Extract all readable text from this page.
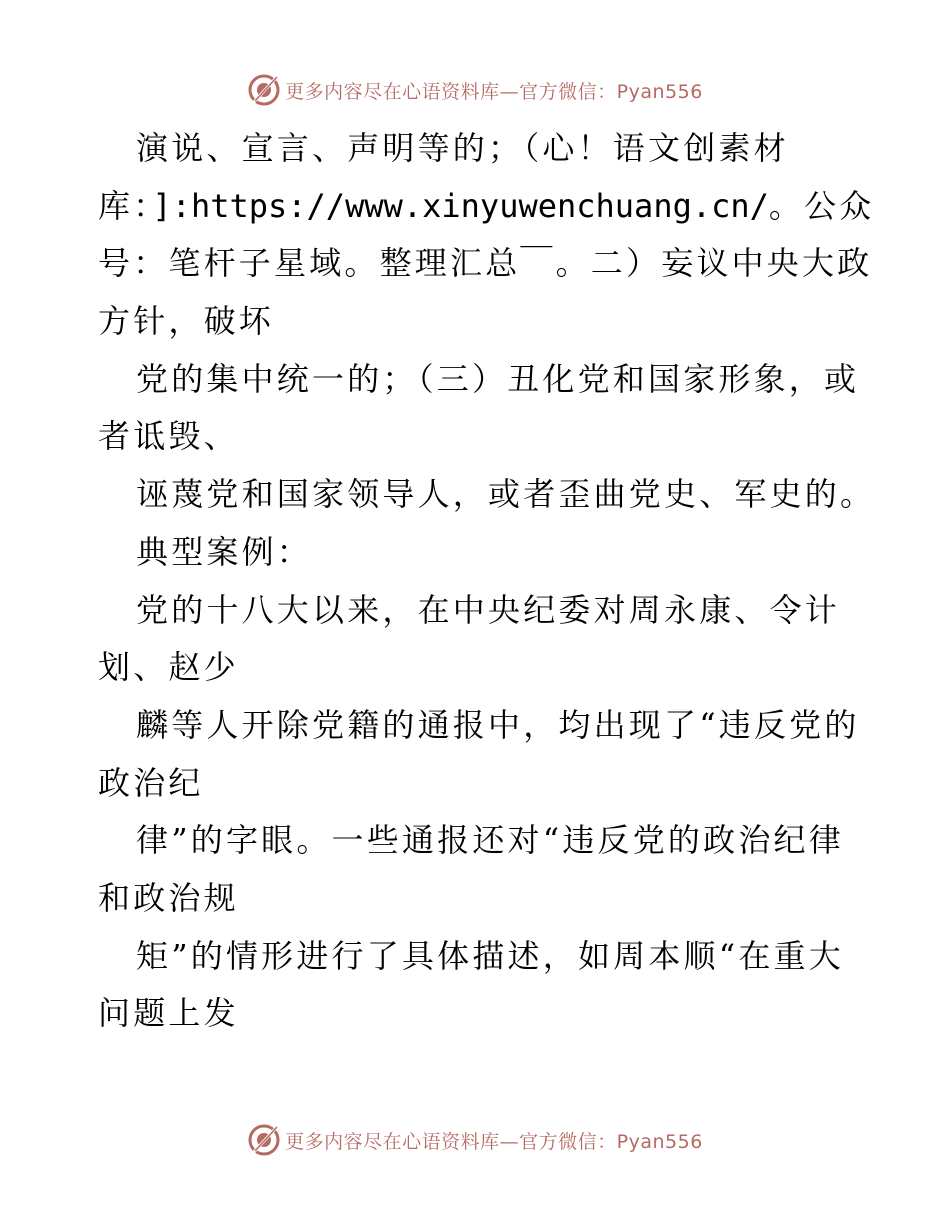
更多内容尽在心语资料库—官方微信：Pyan556
演说、宣言、声明等的；（心！语文创素材
库：]:https://www.xinyuwenchuang.cn/。公众
号：笔杆子星域。整理汇总￣。二）妄议中央大政
方针，破坏
党的集中统一的；（三）丑化党和国家形象，或
者诋毁、
诬蔑党和国家领导人，或者歪曲党史、军史的。
典型案例：
党的十八大以来，在中央纪委对周永康、令计
划、赵少
麟等人开除党籍的通报中，均出现了“违反党的
政治纪
律”的字眼。一些通报还对“违反党的政治纪律
和政治规
矩”的情形进行了具体描述，如周本顺“在重大
问题上发
更多内容尽在心语资料库—官方微信：Pyan556
